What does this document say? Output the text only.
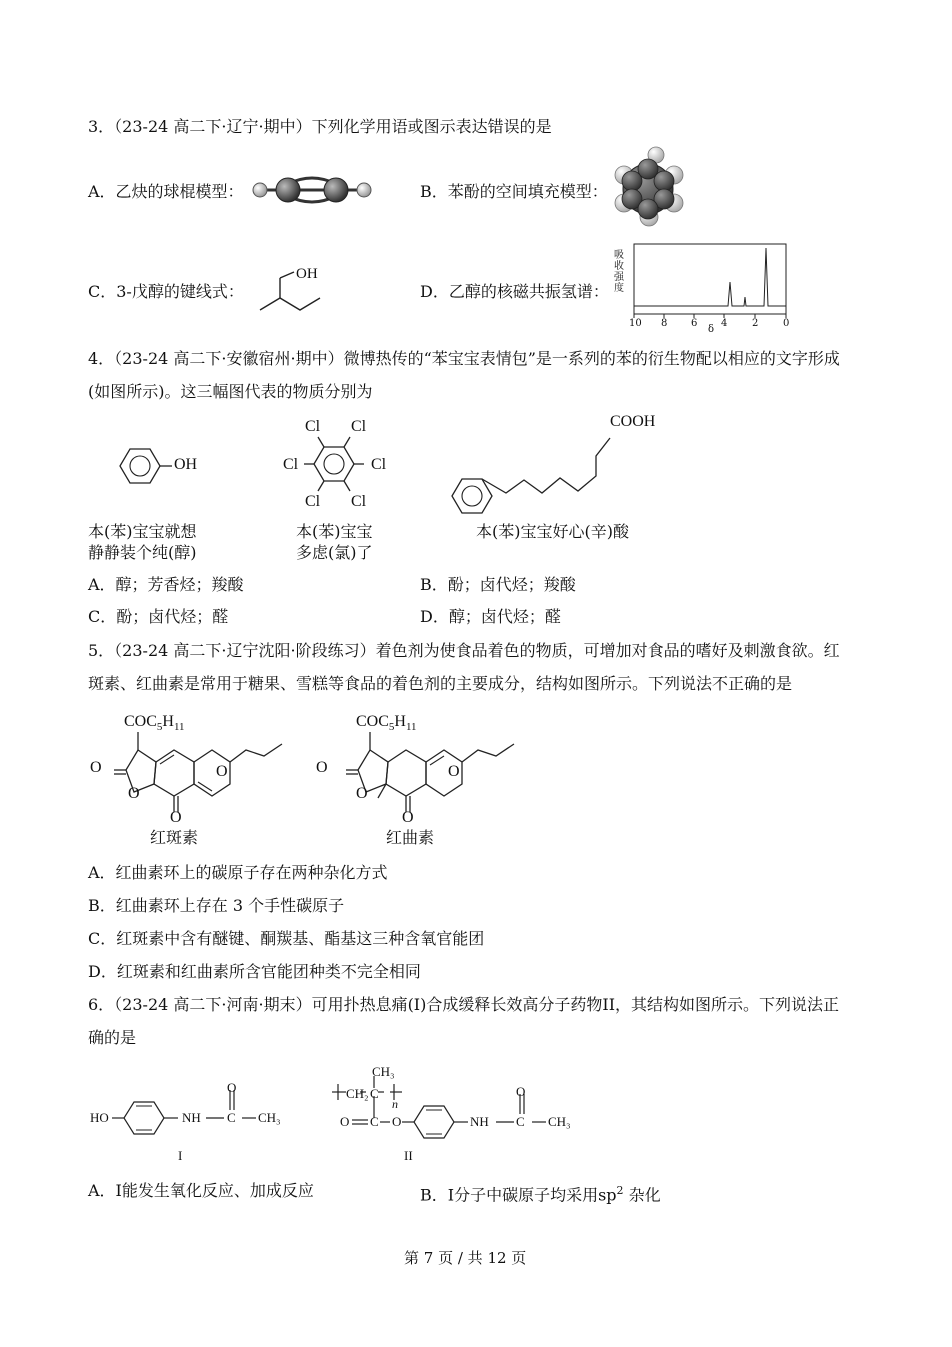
3．（23-24 高二下·辽宁·期中）下列化学用语或图示表达错误的是
A．乙炔的球棍模型：	B．苯酚的空间填充模型：
C．3-戊醇的键线式：
OH
D．乙醇的核磁共振氢谱：
吸收强度
10 8 6 4 2 0
δ
4．（23-24 高二下·安徽宿州·期中）微博热传的“苯宝宝表情包”是一系列的苯的衍生物配以相应的文字形成
(如图所示)。这三幅图代表的物质分别为
OH
Cl Cl
Cl	Cl
Cl Cl
COOH
本(苯)宝宝就想
静静装个纯(醇)
本(苯)宝宝
多虑(氯)了
本(苯)宝宝好心(辛)酸
A．醇；芳香烃；羧酸	B．酚；卤代烃；羧酸
C．酚；卤代烃；醛	D．醇；卤代烃；醛
5．（23-24 高二下·辽宁沈阳·阶段练习）着色剂为使食品着色的物质，可增加对食品的嗜好及刺激食欲。红
斑素、红曲素是常用于糖果、雪糕等食品的着色剂的主要成分，结构如图所示。下列说法不正确的是
$COC_5H_{11}$
O
O
O
O
红斑素
$COC_5H_{11}$
O
O
O
O
红曲素
A．红曲素环上的碳原子存在两种杂化方式
B．红曲素环上存在 3 个手性碳原子
C．红斑素中含有醚键、酮羰基、酯基这三种含氧官能团
D．红斑素和红曲素所含官能团种类不完全相同
6．（23-24 高二下·河南·期末）可用扑热息痛(I)合成缓释长效高分子药物II，其结构如图所示。下列说法正
确的是
HO	NH C
O
CH₃
I
CH₃
CH₂ C
n
O C O	NH C
O
CH₃
II
A．I能发生氧化反应、加成反应	B．I分子中碳原子均采用$sp^2$ 杂化
第 7 页 / 共 12 页
